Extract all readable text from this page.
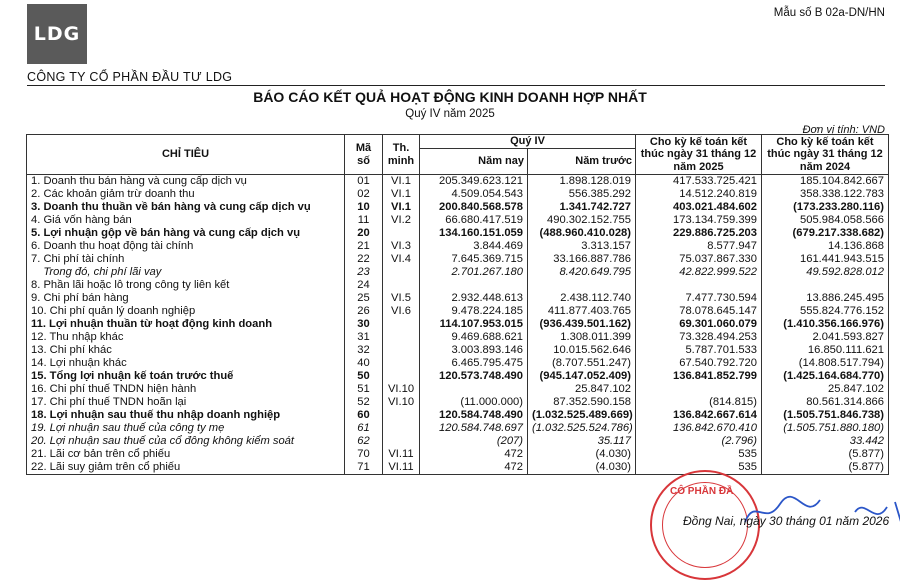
LDG
Mẫu số B 02a-DN/HN
CÔNG TY CỔ PHẦN ĐẦU TƯ LDG
BÁO CÁO KẾT QUẢ HOẠT ĐỘNG KINH DOANH HỢP NHẤT
Quý IV năm 2025
Đơn vị tính: VND
CHỈ TIÊU	Mã số	Th. minh	Quý IV		Cho kỳ kế toán kết thúc ngày 31 tháng 12 năm 2025	Cho kỳ kế toán kết thúc ngày 31 tháng 12 năm 2024
			Năm nay	Năm trước		
1. Doanh thu bán hàng và cung cấp dịch vụ	01	VI.1	205.349.623.121	1.898.128.019	417.533.725.421	185.104.842.667
2. Các khoản giảm trừ doanh thu	02	VI.1	4.509.054.543	556.385.292	14.512.240.819	358.338.122.783
3. Doanh thu thuần về bán hàng và cung cấp dịch vụ	10	VI.1	200.840.568.578	1.341.742.727	403.021.484.602	(173.233.280.116)
4. Giá vốn hàng bán	11	VI.2	66.680.417.519	490.302.152.755	173.134.759.399	505.984.058.566
5. Lợi nhuận gộp về bán hàng và cung cấp dịch vụ	20		134.160.151.059	(488.960.410.028)	229.886.725.203	(679.217.338.682)
6. Doanh thu hoạt động tài chính	21	VI.3	3.844.469	3.313.157	8.577.947	14.136.868
7. Chi phí tài chính	22	VI.4	7.645.369.715	33.166.887.786	75.037.867.330	161.441.943.515
Trong đó, chi phí lãi vay	23		2.701.267.180	8.420.649.795	42.822.999.522	49.592.828.012
8. Phần lãi hoặc lỗ trong công ty liên kết	24					
9. Chi phí bán hàng	25	VI.5	2.932.448.613	2.438.112.740	7.477.730.594	13.886.245.495
10. Chi phí quản lý doanh nghiệp	26	VI.6	9.478.224.185	411.877.403.765	78.078.645.147	555.824.776.152
11. Lợi nhuận thuần từ hoạt động kinh doanh	30		114.107.953.015	(936.439.501.162)	69.301.060.079	(1.410.356.166.976)
12. Thu nhập khác	31		9.469.688.621	1.308.011.399	73.328.494.253	2.041.593.827
13. Chi phí khác	32		3.003.893.146	10.015.562.646	5.787.701.533	16.850.111.621
14. Lợi nhuận khác	40		6.465.795.475	(8.707.551.247)	67.540.792.720	(14.808.517.794)
15. Tổng lợi nhuận kế toán trước thuế	50		120.573.748.490	(945.147.052.409)	136.841.852.799	(1.425.164.684.770)
16. Chi phí thuế TNDN hiện hành	51	VI.10		25.847.102		25.847.102
17. Chi phí thuế TNDN hoãn lại	52	VI.10	(11.000.000)	87.352.590.158	(814.815)	80.561.314.866
18. Lợi nhuận sau thuế thu nhập doanh nghiệp	60		120.584.748.490	(1.032.525.489.669)	136.842.667.614	(1.505.751.846.738)
19. Lợi nhuận sau thuế của công ty mẹ	61		120.584.748.697	(1.032.525.524.786)	136.842.670.410	(1.505.751.880.180)
20. Lợi nhuận sau thuế của cổ đông không kiểm soát	62		(207)	35.117	(2.796)	33.442
21. Lãi cơ bản trên cổ phiếu	70	VI.11	472	(4.030)	535	(5.877)
22. Lãi suy giảm trên cổ phiếu	71	VI.11	472	(4.030)	535	(5.877)
CÔ PHẦN ĐẦ
Đồng Nai, ngày 30 tháng 01 năm 2026
